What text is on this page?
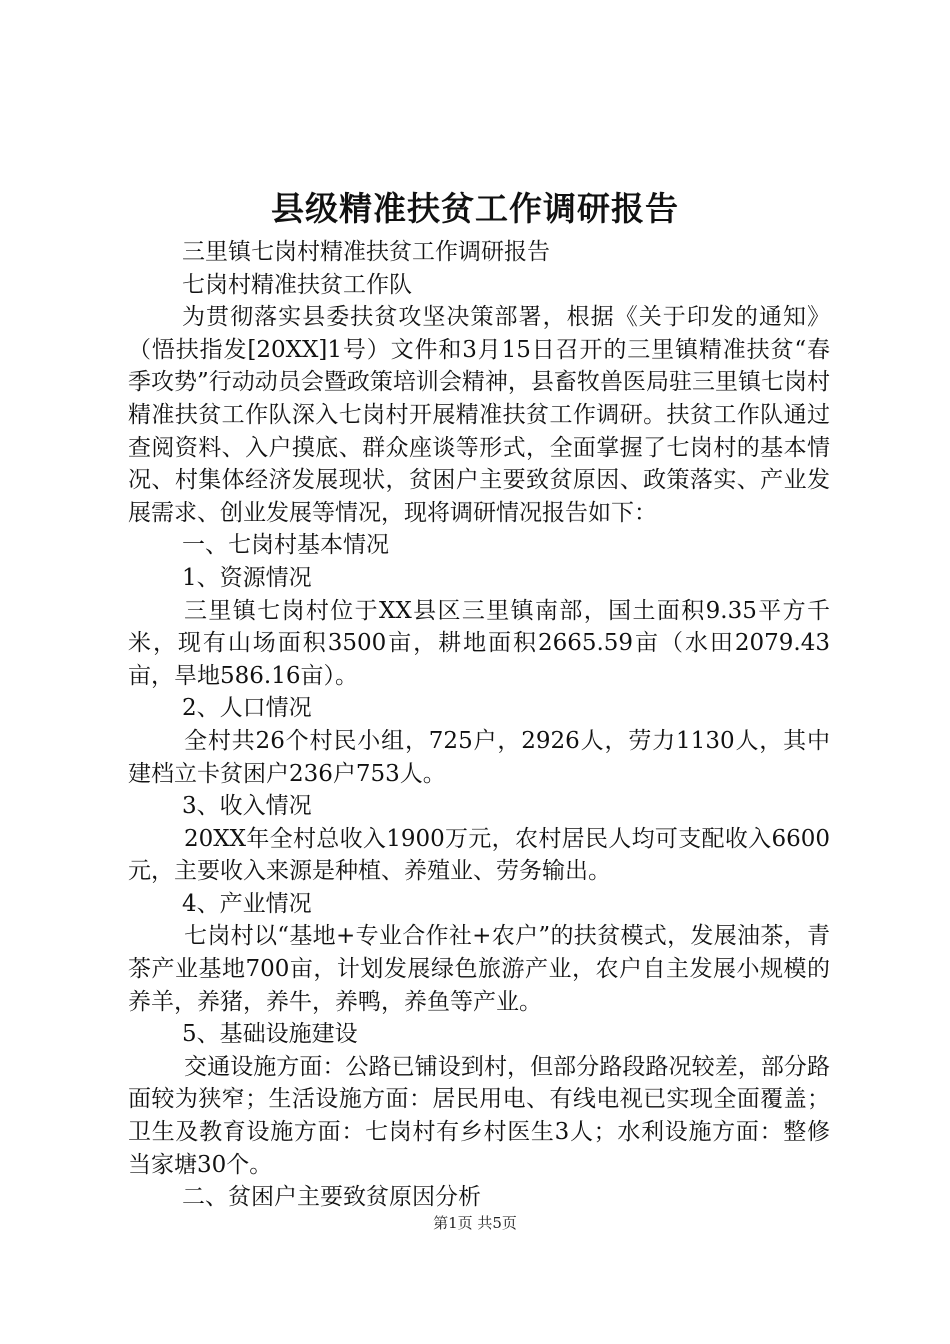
县级精准扶贫工作调研报告

三里镇七岗村精准扶贫工作调研报告

七岗村精准扶贫工作队

为贯彻落实县委扶贫攻坚决策部署，根据《关于印发的通知》（悟扶指发[20XX]1号）文件和3月15日召开的三里镇精准扶贫“春季攻势”行动动员会暨政策培训会精神，县畜牧兽医局驻三里镇七岗村精准扶贫工作队深入七岗村开展精准扶贫工作调研。扶贫工作队通过查阅资料、入户摸底、群众座谈等形式，全面掌握了七岗村的基本情况、村集体经济发展现状，贫困户主要致贫原因、政策落实、产业发展需求、创业发展等情况，现将调研情况报告如下：

一、七岗村基本情况

1、资源情况

三里镇七岗村位于XX县区三里镇南部，国土面积9.35平方千米，现有山场面积3500亩，耕地面积2665.59亩（水田2079.43亩，旱地586.16亩）。

2、人口情况

全村共26个村民小组，725户，2926人，劳力1130人，其中建档立卡贫困户236户753人。

3、收入情况

20XX年全村总收入1900万元，农村居民人均可支配收入6600元，主要收入来源是种植、养殖业、劳务输出。

4、产业情况

七岗村以“基地+专业合作社+农户”的扶贫模式，发展油茶，青茶产业基地700亩，计划发展绿色旅游产业，农户自主发展小规模的养羊，养猪，养牛，养鸭，养鱼等产业。

5、基础设施建设

交通设施方面：公路已铺设到村，但部分路段路况较差，部分路面较为狭窄；生活设施方面：居民用电、有线电视已实现全面覆盖；卫生及教育设施方面：七岗村有乡村医生3人；水利设施方面：整修当家塘30个。

二、贫困户主要致贫原因分析

第1页 共5页
